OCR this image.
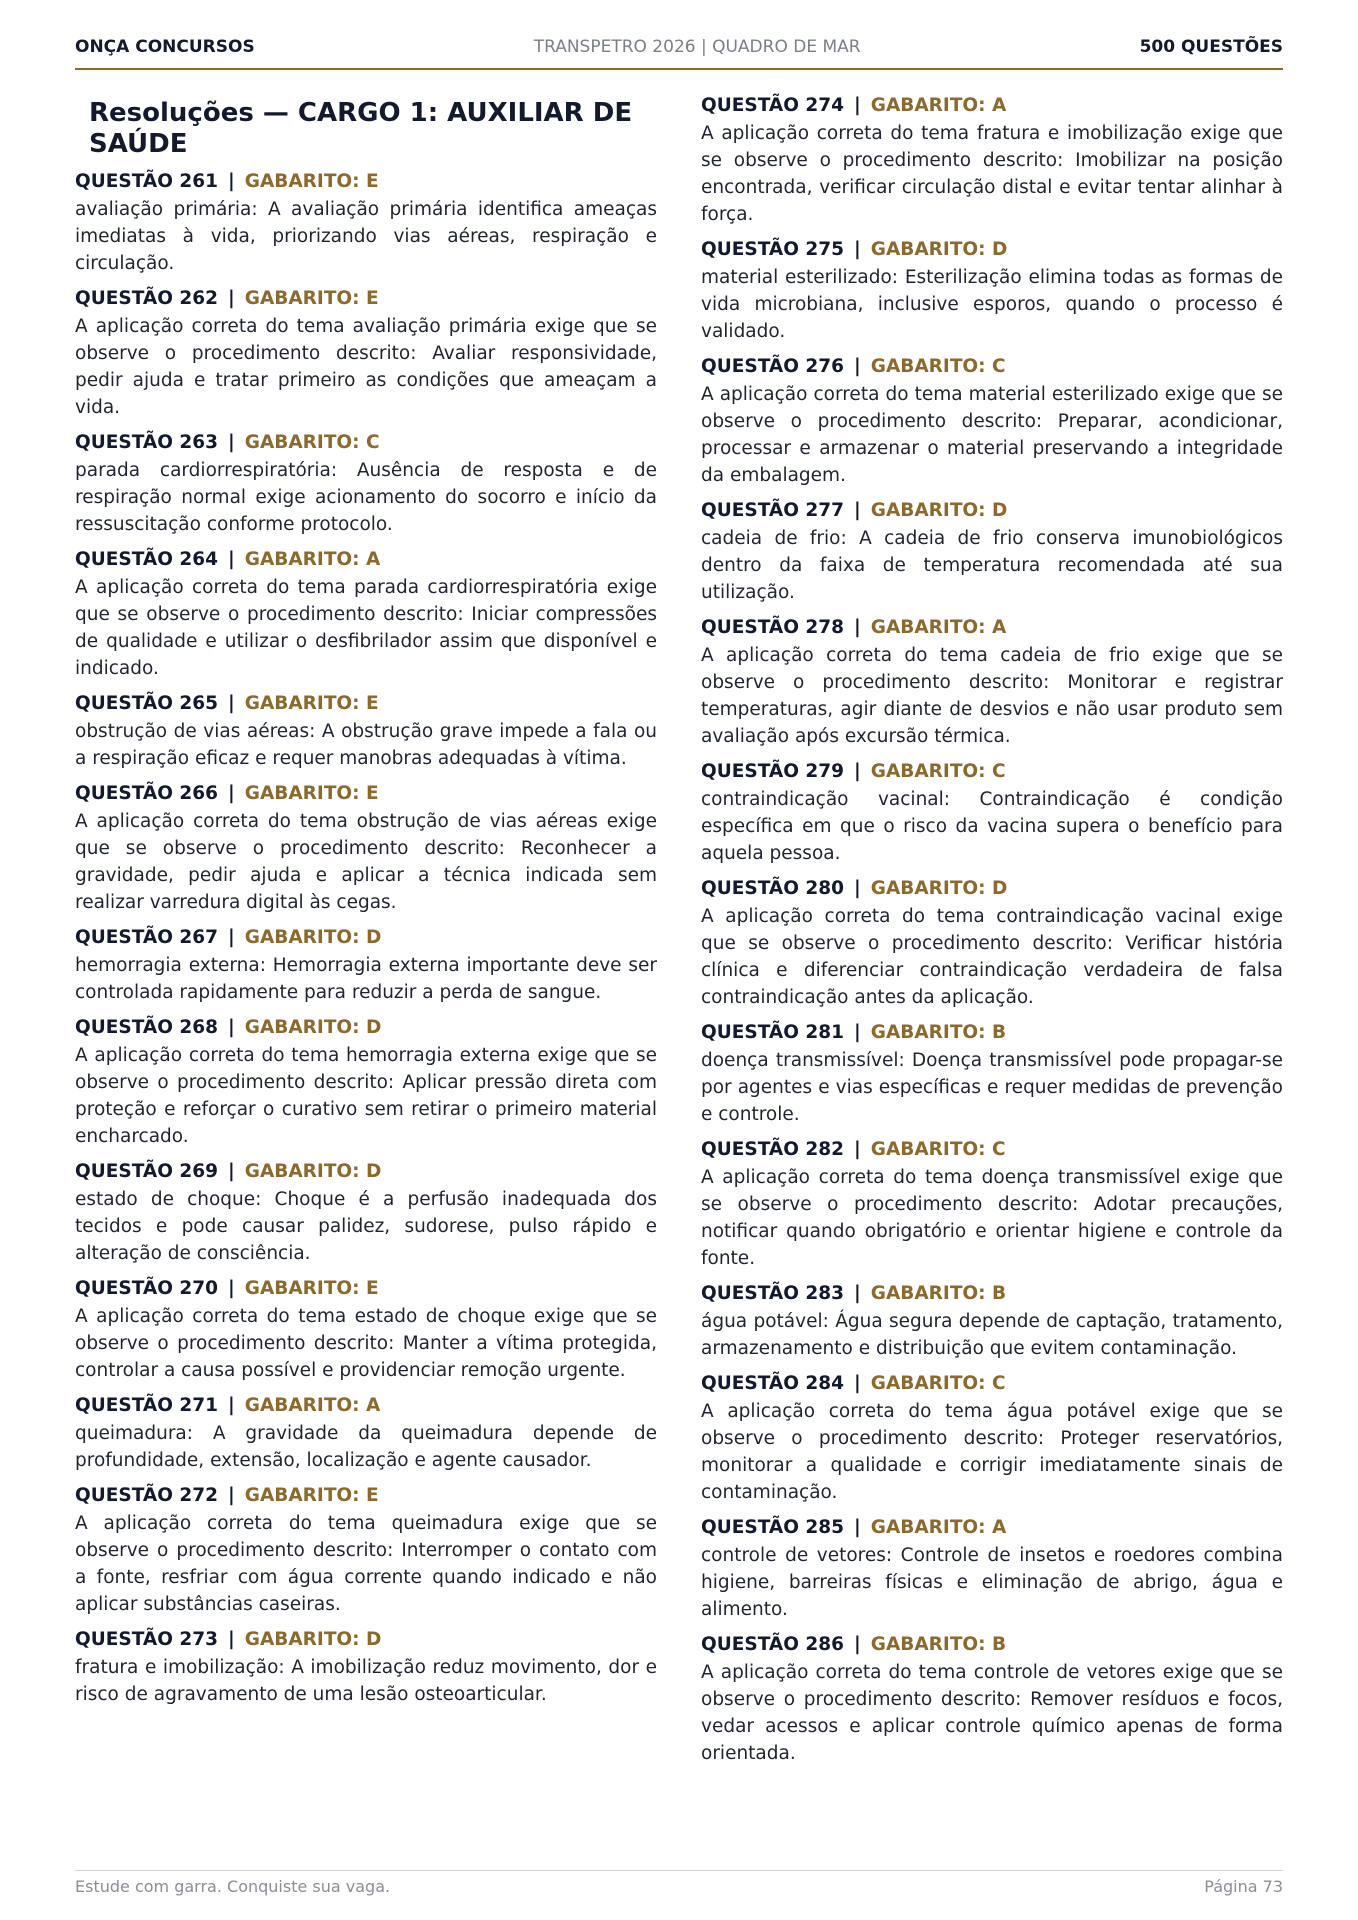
ONÇA CONCURSOS	TRANSPETRO 2026 | QUADRO DE MAR	500 QUESTÕES
Resoluções — CARGO 1: AUXILIAR DE SAÚDE
QUESTÃO 261 | GABARITO: E
avaliação primária: A avaliação primária identifica ameaças imediatas à vida, priorizando vias aéreas, respiração e circulação.
QUESTÃO 262 | GABARITO: E
A aplicação correta do tema avaliação primária exige que se observe o procedimento descrito: Avaliar responsividade, pedir ajuda e tratar primeiro as condições que ameaçam a vida.
QUESTÃO 263 | GABARITO: C
parada cardiorrespiratória: Ausência de resposta e de respiração normal exige acionamento do socorro e início da ressuscitação conforme protocolo.
QUESTÃO 264 | GABARITO: A
A aplicação correta do tema parada cardiorrespiratória exige que se observe o procedimento descrito: Iniciar compressões de qualidade e utilizar o desfibrilador assim que disponível e indicado.
QUESTÃO 265 | GABARITO: E
obstrução de vias aéreas: A obstrução grave impede a fala ou a respiração eficaz e requer manobras adequadas à vítima.
QUESTÃO 266 | GABARITO: E
A aplicação correta do tema obstrução de vias aéreas exige que se observe o procedimento descrito: Reconhecer a gravidade, pedir ajuda e aplicar a técnica indicada sem realizar varredura digital às cegas.
QUESTÃO 267 | GABARITO: D
hemorragia externa: Hemorragia externa importante deve ser controlada rapidamente para reduzir a perda de sangue.
QUESTÃO 268 | GABARITO: D
A aplicação correta do tema hemorragia externa exige que se observe o procedimento descrito: Aplicar pressão direta com proteção e reforçar o curativo sem retirar o primeiro material encharcado.
QUESTÃO 269 | GABARITO: D
estado de choque: Choque é a perfusão inadequada dos tecidos e pode causar palidez, sudorese, pulso rápido e alteração de consciência.
QUESTÃO 270 | GABARITO: E
A aplicação correta do tema estado de choque exige que se observe o procedimento descrito: Manter a vítima protegida, controlar a causa possível e providenciar remoção urgente.
QUESTÃO 271 | GABARITO: A
queimadura: A gravidade da queimadura depende de profundidade, extensão, localização e agente causador.
QUESTÃO 272 | GABARITO: E
A aplicação correta do tema queimadura exige que se observe o procedimento descrito: Interromper o contato com a fonte, resfriar com água corrente quando indicado e não aplicar substâncias caseiras.
QUESTÃO 273 | GABARITO: D
fratura e imobilização: A imobilização reduz movimento, dor e risco de agravamento de uma lesão osteoarticular.
QUESTÃO 274 | GABARITO: A
A aplicação correta do tema fratura e imobilização exige que se observe o procedimento descrito: Imobilizar na posição encontrada, verificar circulação distal e evitar tentar alinhar à força.
QUESTÃO 275 | GABARITO: D
material esterilizado: Esterilização elimina todas as formas de vida microbiana, inclusive esporos, quando o processo é validado.
QUESTÃO 276 | GABARITO: C
A aplicação correta do tema material esterilizado exige que se observe o procedimento descrito: Preparar, acondicionar, processar e armazenar o material preservando a integridade da embalagem.
QUESTÃO 277 | GABARITO: D
cadeia de frio: A cadeia de frio conserva imunobiológicos dentro da faixa de temperatura recomendada até sua utilização.
QUESTÃO 278 | GABARITO: A
A aplicação correta do tema cadeia de frio exige que se observe o procedimento descrito: Monitorar e registrar temperaturas, agir diante de desvios e não usar produto sem avaliação após excursão térmica.
QUESTÃO 279 | GABARITO: C
contraindicação vacinal: Contraindicação é condição específica em que o risco da vacina supera o benefício para aquela pessoa.
QUESTÃO 280 | GABARITO: D
A aplicação correta do tema contraindicação vacinal exige que se observe o procedimento descrito: Verificar história clínica e diferenciar contraindicação verdadeira de falsa contraindicação antes da aplicação.
QUESTÃO 281 | GABARITO: B
doença transmissível: Doença transmissível pode propagar-se por agentes e vias específicas e requer medidas de prevenção e controle.
QUESTÃO 282 | GABARITO: C
A aplicação correta do tema doença transmissível exige que se observe o procedimento descrito: Adotar precauções, notificar quando obrigatório e orientar higiene e controle da fonte.
QUESTÃO 283 | GABARITO: B
água potável: Água segura depende de captação, tratamento, armazenamento e distribuição que evitem contaminação.
QUESTÃO 284 | GABARITO: C
A aplicação correta do tema água potável exige que se observe o procedimento descrito: Proteger reservatórios, monitorar a qualidade e corrigir imediatamente sinais de contaminação.
QUESTÃO 285 | GABARITO: A
controle de vetores: Controle de insetos e roedores combina higiene, barreiras físicas e eliminação de abrigo, água e alimento.
QUESTÃO 286 | GABARITO: B
A aplicação correta do tema controle de vetores exige que se observe o procedimento descrito: Remover resíduos e focos, vedar acessos e aplicar controle químico apenas de forma orientada.
Estude com garra. Conquiste sua vaga.	Página 73
